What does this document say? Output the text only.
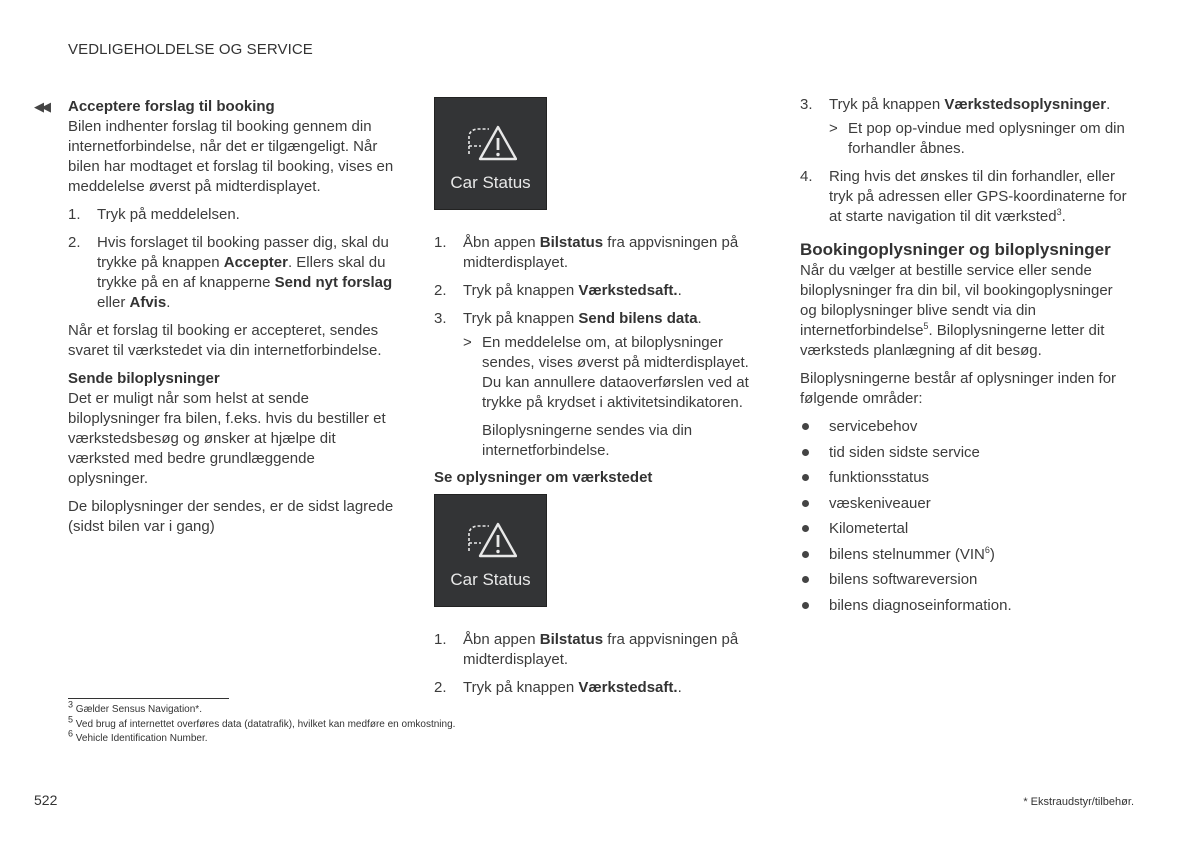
VEDLIGEHOLDELSE OG SERVICE
◀◀ Acceptere forslag til booking

Bilen indhenter forslag til booking gennem din internetforbindelse, når det er tilgængeligt. Når bilen har modtaget et forslag til booking, vises en meddelelse øverst på midterdisplayet.

1. Tryk på meddelelsen.
2. Hvis forslaget til booking passer dig, skal du trykke på knappen Accepter. Ellers skal du trykke på en af knapperne Send nyt forslag eller Afvis.

Når et forslag til booking er accepteret, sendes svaret til værkstedet via din internetforbindelse.

Sende biloplysninger

Det er muligt når som helst at sende biloplysninger fra bilen, f.eks. hvis du bestiller et værkstedsbesøg og ønsker at hjælpe dit værksted med bedre grundlæggende oplysninger.

De biloplysninger der sendes, er de sidst lagrede (sidst bilen var i gang)

Car Status
1. Åbn appen Bilstatus fra appvisningen på midterdisplayet.
2. Tryk på knappen Værkstedsaft..
3. Tryk på knappen Send bilens data.
> En meddelelse om, at biloplysninger sendes, vises øverst på midterdisplayet. Du kan annullere dataoverførslen ved at trykke på krydset i aktivitetsindikatoren.
Biloplysningerne sendes via din internetforbindelse.
Se oplysninger om værkstedet
Car Status
1. Åbn appen Bilstatus fra appvisningen på midterdisplayet.
2. Tryk på knappen Værkstedsaft..
3. Tryk på knappen Værkstedsoplysninger.
> Et pop op-vindue med oplysninger om din forhandler åbnes.
4. Ring hvis det ønskes til din forhandler, eller tryk på adressen eller GPS-koordinaterne for at starte navigation til dit værksted$^3$.
Bookingoplysninger og biloplysninger

Når du vælger at bestille service eller sende biloplysninger fra din bil, vil bookingoplysninger og biloplysninger blive sendt via din internetforbindelse$^5$. Biloplysningerne letter dit værksteds planlægning af dit besøg.

Biloplysningerne består af oplysninger inden for følgende områder:

servicebehov
tid siden sidste service
funktionsstatus
væskeniveauer
Kilometertal
bilens stelnummer (VIN$^6$)
bilens softwareversion
bilens diagnoseinformation.
$^3$ Gælder Sensus Navigation*.
$^5$ Ved brug af internettet overføres data (datatrafik), hvilket kan medføre en omkostning.
$^6$ Vehicle Identification Number.
522	* Ekstraudstyr/tilbehør.
